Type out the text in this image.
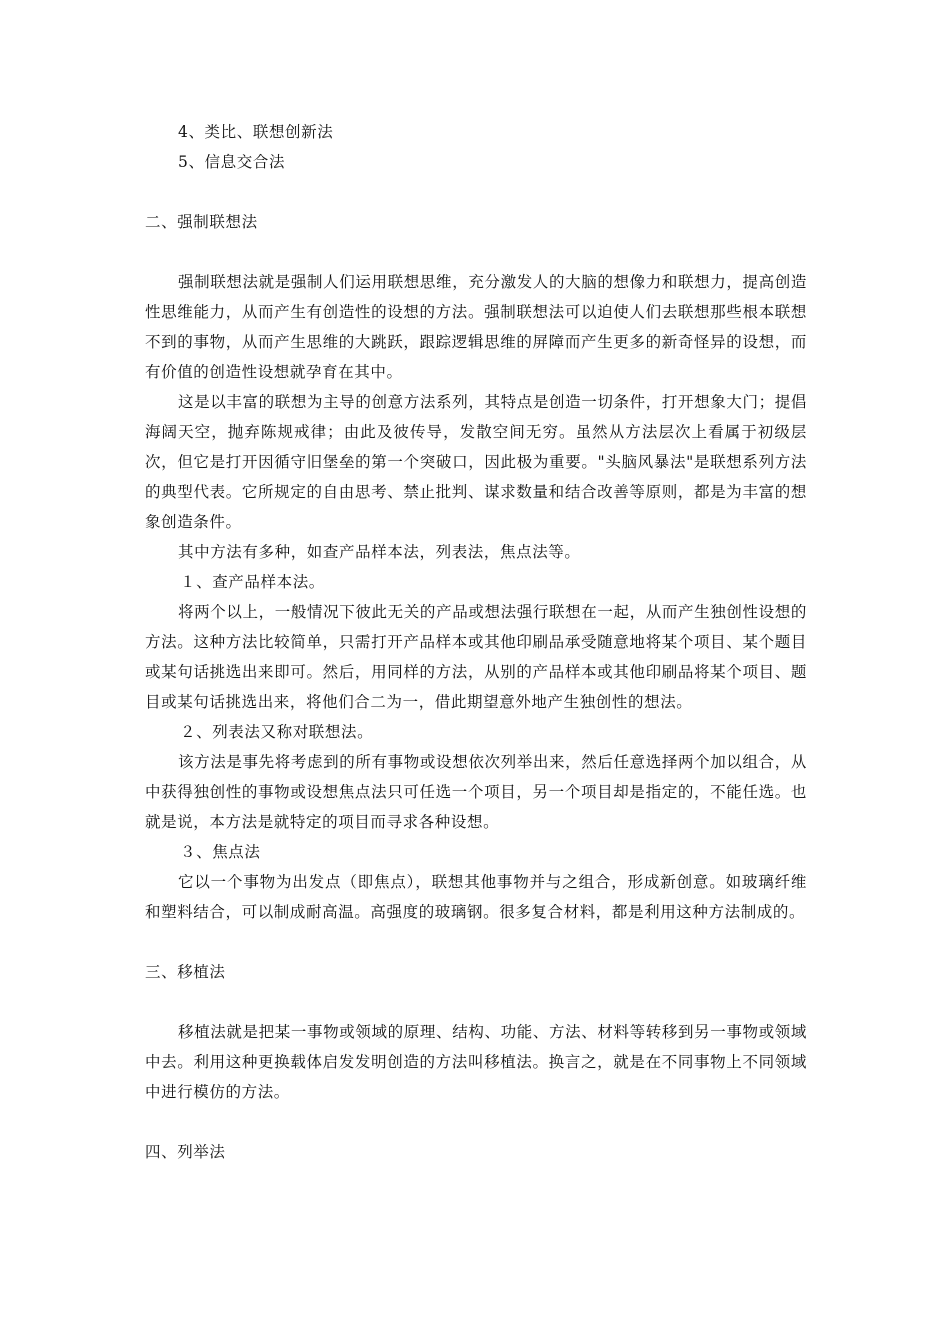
4、类比、联想创新法

5、信息交合法

二、强制联想法

强制联想法就是强制人们运用联想思维，充分激发人的大脑的想像力和联想力，提高创造性思维能力，从而产生有创造性的设想的方法。强制联想法可以迫使人们去联想那些根本联想不到的事物，从而产生思维的大跳跃，跟踪逻辑思维的屏障而产生更多的新奇怪异的设想，而有价值的创造性设想就孕育在其中。

这是以丰富的联想为主导的创意方法系列，其特点是创造一切条件，打开想象大门；提倡海阔天空，抛弃陈规戒律；由此及彼传导，发散空间无穷。虽然从方法层次上看属于初级层次，但它是打开因循守旧堡垒的第一个突破口，因此极为重要。"头脑风暴法"是联想系列方法的典型代表。它所规定的自由思考、禁止批判、谋求数量和结合改善等原则，都是为丰富的想象创造条件。

其中方法有多种，如查产品样本法，列表法，焦点法等。

１、查产品样本法。

将两个以上，一般情况下彼此无关的产品或想法强行联想在一起，从而产生独创性设想的方法。这种方法比较简单，只需打开产品样本或其他印刷品承受随意地将某个项目、某个题目或某句话挑选出来即可。然后，用同样的方法，从别的产品样本或其他印刷品将某个项目、题目或某句话挑选出来，将他们合二为一，借此期望意外地产生独创性的想法。

２、列表法又称对联想法。

该方法是事先将考虑到的所有事物或设想依次列举出来，然后任意选择两个加以组合，从中获得独创性的事物或设想焦点法只可任选一个项目，另一个项目却是指定的，不能任选。也就是说，本方法是就特定的项目而寻求各种设想。

３、焦点法

它以一个事物为出发点（即焦点），联想其他事物并与之组合，形成新创意。如玻璃纤维和塑料结合，可以制成耐高温。高强度的玻璃钢。很多复合材料，都是利用这种方法制成的。

三、移植法

移植法就是把某一事物或领域的原理、结构、功能、方法、材料等转移到另一事物或领域中去。利用这种更换载体启发发明创造的方法叫移植法。换言之，就是在不同事物上不同领域中进行模仿的方法。

四、列举法
